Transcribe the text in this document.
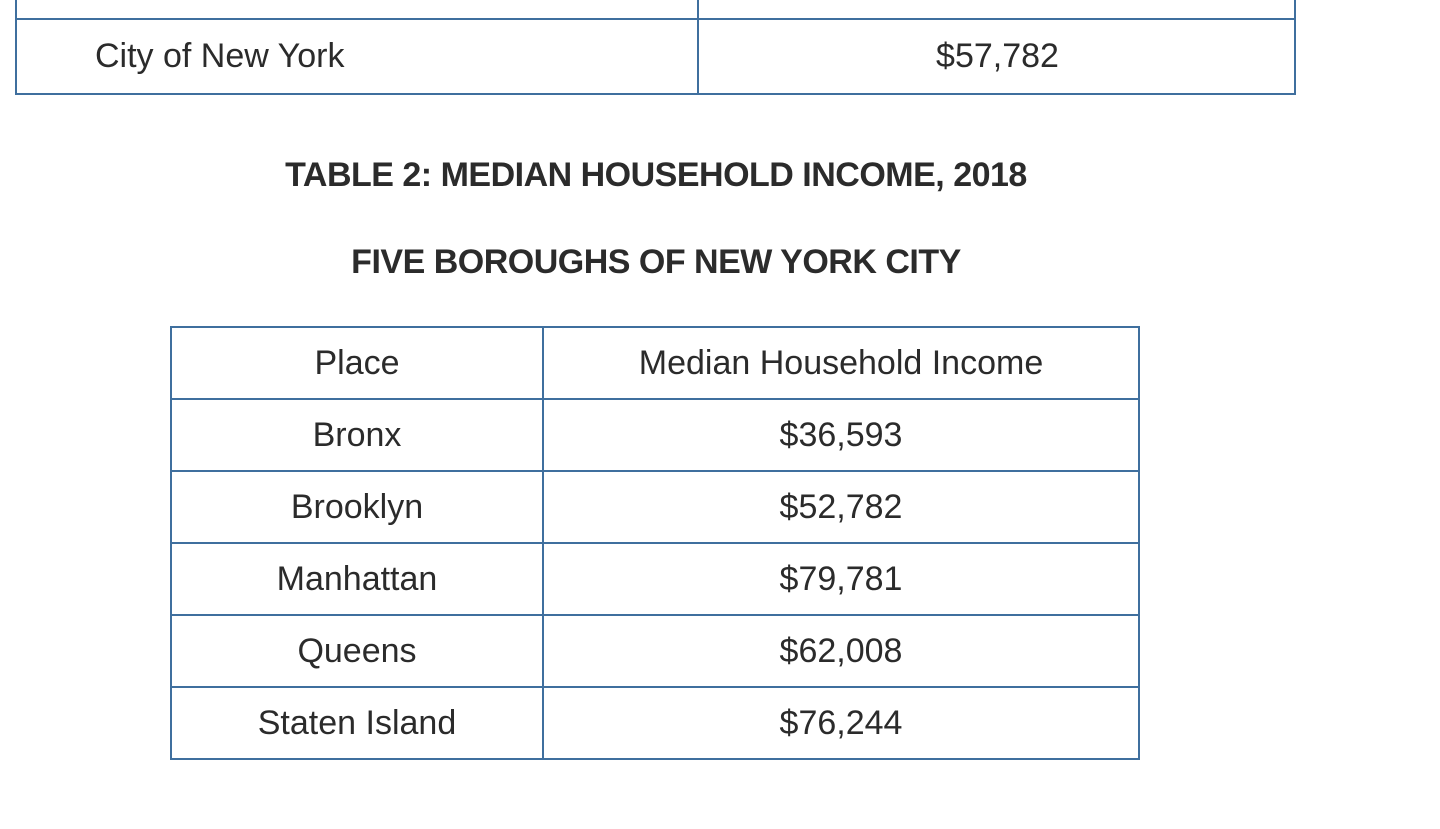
City of New York	$57,782
TABLE 2: MEDIAN HOUSEHOLD INCOME, 2018
FIVE BOROUGHS OF NEW YORK CITY
Place	Median Household Income
Bronx	$36,593
Brooklyn	$52,782
Manhattan	$79,781
Queens	$62,008
Staten Island	$76,244
